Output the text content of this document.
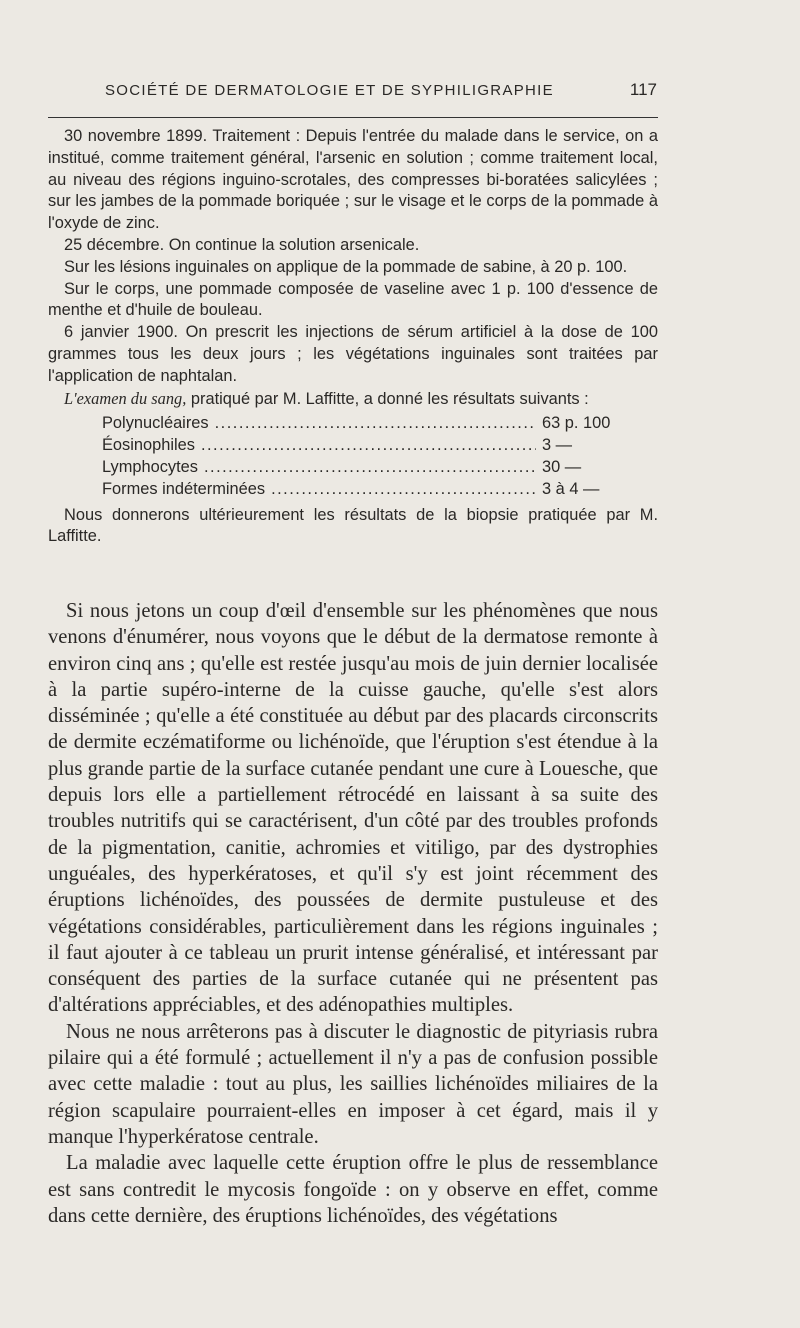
SOCIÉTÉ DE DERMATOLOGIE ET DE SYPHILIGRAPHIE	117

30 novembre 1899. Traitement : Depuis l'entrée du malade dans le service, on a institué, comme traitement général, l'arsenic en solution ; comme traitement local, au niveau des régions inguino-scrotales, des compresses bi-boratées salicylées ; sur les jambes de la pommade boriquée ; sur le visage et le corps de la pommade à l'oxyde de zinc.

25 décembre. On continue la solution arsenicale.

Sur les lésions inguinales on applique de la pommade de sabine, à 20 p. 100.

Sur le corps, une pommade composée de vaseline avec 1 p. 100 d'essence de menthe et d'huile de bouleau.

6 janvier 1900. On prescrit les injections de sérum artificiel à la dose de 100 grammes tous les deux jours ; les végétations inguinales sont traitées par l'application de naphtalan.

L'examen du sang, pratiqué par M. Laffitte, a donné les résultats suivants :

Polynucléaires .....	63 p. 100
Éosinophiles .....	3 —
Lymphocytes .....	30 —
Formes indéterminées .....	3 à 4 —

Nous donnerons ultérieurement les résultats de la biopsie pratiquée par M. Laffitte.

Si nous jetons un coup d'œil d'ensemble sur les phénomènes que nous venons d'énumérer, nous voyons que le début de la dermatose remonte à environ cinq ans ; qu'elle est restée jusqu'au mois de juin dernier localisée à la partie supéro-interne de la cuisse gauche, qu'elle s'est alors disséminée ; qu'elle a été constituée au début par des placards circonscrits de dermite eczématiforme ou lichénoïde, que l'éruption s'est étendue à la plus grande partie de la surface cutanée pendant une cure à Louesche, que depuis lors elle a partiellement rétrocédé en laissant à sa suite des troubles nutritifs qui se caractérisent, d'un côté par des troubles profonds de la pigmentation, canitie, achromies et vitiligo, par des dystrophies unguéales, des hyperkératoses, et qu'il s'y est joint récemment des éruptions lichénoïdes, des poussées de dermite pustuleuse et des végétations considérables, particulièrement dans les régions inguinales ; il faut ajouter à ce tableau un prurit intense généralisé, et intéressant par conséquent des parties de la surface cutanée qui ne présentent pas d'altérations appréciables, et des adénopathies multiples.

Nous ne nous arrêterons pas à discuter le diagnostic de pityriasis rubra pilaire qui a été formulé ; actuellement il n'y a pas de confusion possible avec cette maladie : tout au plus, les saillies lichénoïdes miliaires de la région scapulaire pourraient-elles en imposer à cet égard, mais il y manque l'hyperkératose centrale.

La maladie avec laquelle cette éruption offre le plus de ressemblance est sans contredit le mycosis fongoïde : on y observe en effet, comme dans cette dernière, des éruptions lichénoïdes, des végétations
